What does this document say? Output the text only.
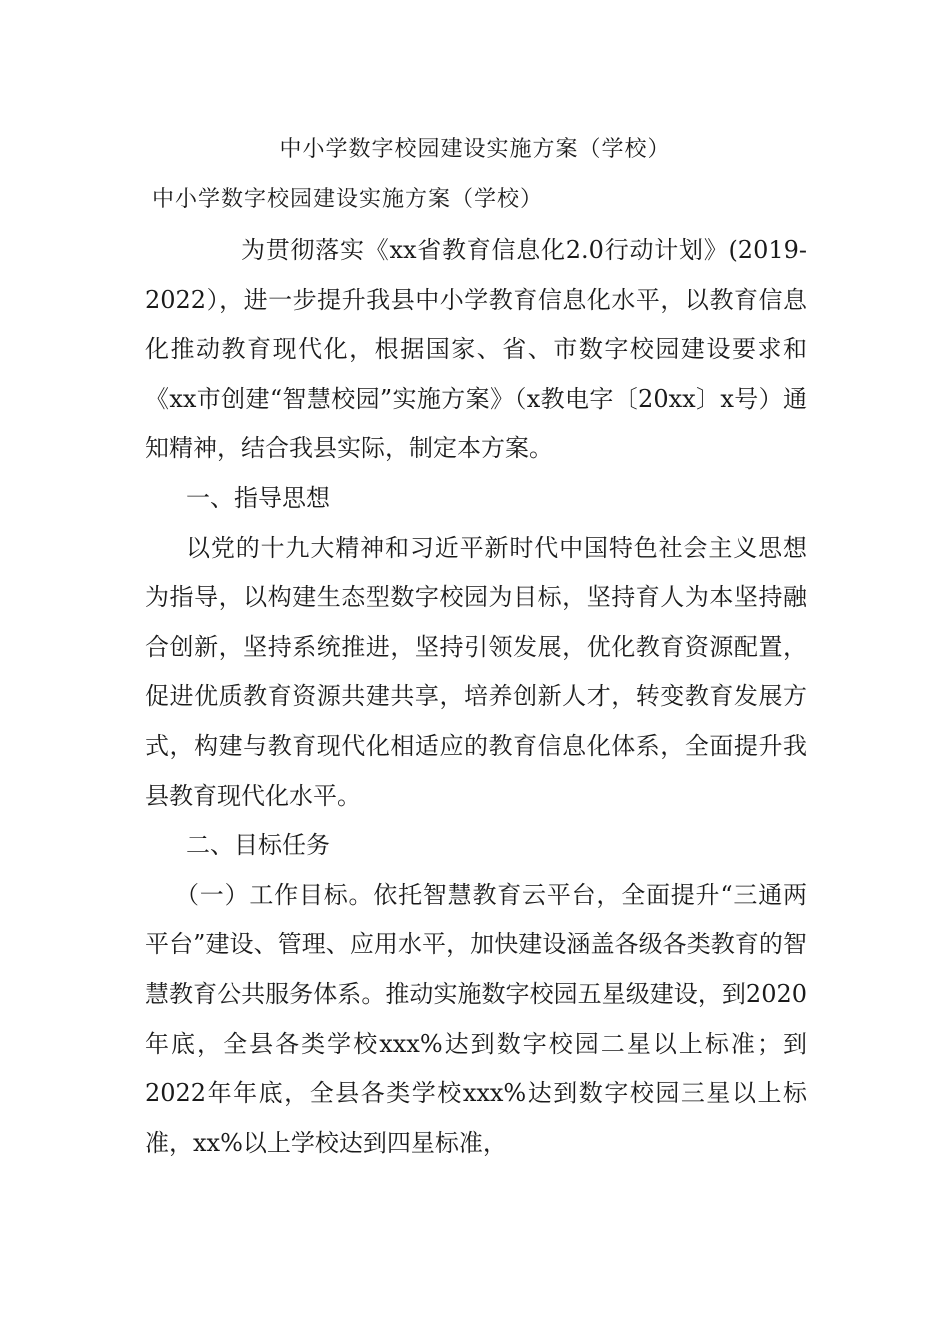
中小学数字校园建设实施方案（学校）
中小学数字校园建设实施方案（学校）

为贯彻落实《xx省教育信息化2.0行动计划》(2019-2022），进一步提升我县中小学教育信息化水平，以教育信息化推动教育现代化，根据国家、省、市数字校园建设要求和《xx市创建“智慧校园”实施方案》（x教电字〔20xx〕x号）通知精神，结合我县实际，制定本方案。

一、指导思想

以党的十九大精神和习近平新时代中国特色社会主义思想为指导，以构建生态型数字校园为目标，坚持育人为本坚持融合创新，坚持系统推进，坚持引领发展，优化教育资源配置，促进优质教育资源共建共享，培养创新人才，转变教育发展方式，构建与教育现代化相适应的教育信息化体系，全面提升我县教育现代化水平。

二、目标任务

（一）工作目标。依托智慧教育云平台，全面提升“三通两平台”建设、管理、应用水平，加快建设涵盖各级各类教育的智慧教育公共服务体系。推动实施数字校园五星级建设，到2020年底，全县各类学校xxx%达到数字校园二星以上标准；到2022年年底，全县各类学校xxx%达到数字校园三星以上标准，xx%以上学校达到四星标准，
